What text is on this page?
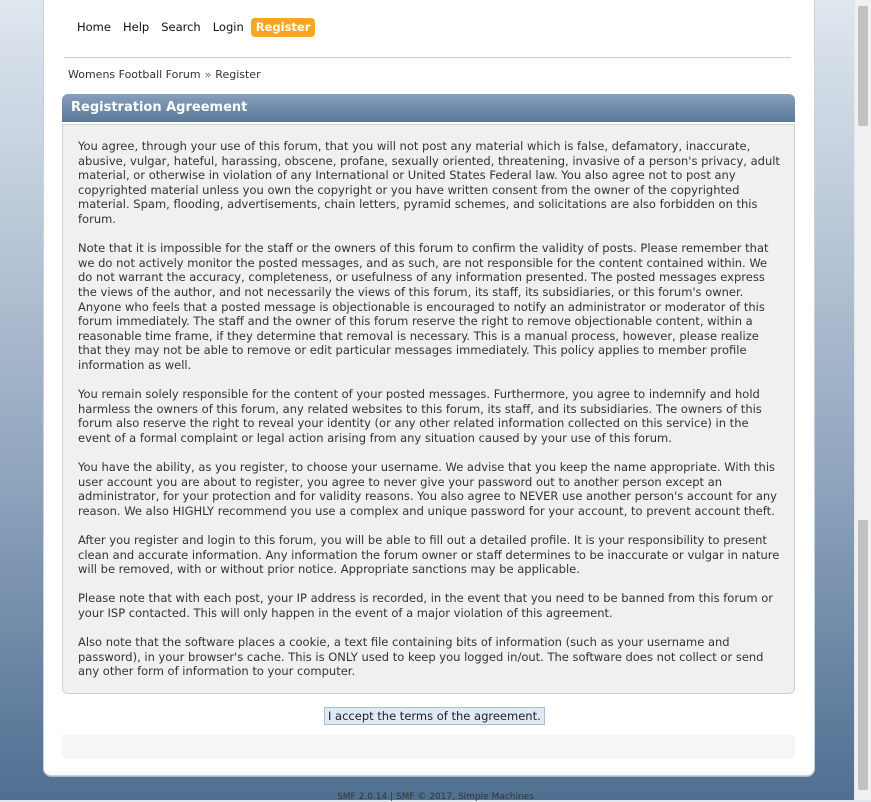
Home	Help	Search	Login	Register
Womens Football Forum » Register
Registration Agreement

You agree, through your use of this forum, that you will not post any material which is false, defamatory, inaccurate, abusive, vulgar, hateful, harassing, obscene, profane, sexually oriented, threatening, invasive of a person's privacy, adult material, or otherwise in violation of any International or United States Federal law. You also agree not to post any copyrighted material unless you own the copyright or you have written consent from the owner of the copyrighted material. Spam, flooding, advertisements, chain letters, pyramid schemes, and solicitations are also forbidden on this forum.

Note that it is impossible for the staff or the owners of this forum to confirm the validity of posts. Please remember that we do not actively monitor the posted messages, and as such, are not responsible for the content contained within. We do not warrant the accuracy, completeness, or usefulness of any information presented. The posted messages express the views of the author, and not necessarily the views of this forum, its staff, its subsidiaries, or this forum's owner. Anyone who feels that a posted message is objectionable is encouraged to notify an administrator or moderator of this forum immediately. The staff and the owner of this forum reserve the right to remove objectionable content, within a reasonable time frame, if they determine that removal is necessary. This is a manual process, however, please realize that they may not be able to remove or edit particular messages immediately. This policy applies to member profile information as well.

You remain solely responsible for the content of your posted messages. Furthermore, you agree to indemnify and hold harmless the owners of this forum, any related websites to this forum, its staff, and its subsidiaries. The owners of this forum also reserve the right to reveal your identity (or any other related information collected on this service) in the event of a formal complaint or legal action arising from any situation caused by your use of this forum.

You have the ability, as you register, to choose your username. We advise that you keep the name appropriate. With this user account you are about to register, you agree to never give your password out to another person except an administrator, for your protection and for validity reasons. You also agree to NEVER use another person's account for any reason. We also HIGHLY recommend you use a complex and unique password for your account, to prevent account theft.

After you register and login to this forum, you will be able to fill out a detailed profile. It is your responsibility to present clean and accurate information. Any information the forum owner or staff determines to be inaccurate or vulgar in nature will be removed, with or without prior notice. Appropriate sanctions may be applicable.

Please note that with each post, your IP address is recorded, in the event that you need to be banned from this forum or your ISP contacted. This will only happen in the event of a major violation of this agreement.

Also note that the software places a cookie, a text file containing bits of information (such as your username and password), in your browser's cache. This is ONLY used to keep you logged in/out. The software does not collect or send any other form of information to your computer.

I accept the terms of the agreement.
SMF 2.0.14 | SMF © 2017, Simple Machines
